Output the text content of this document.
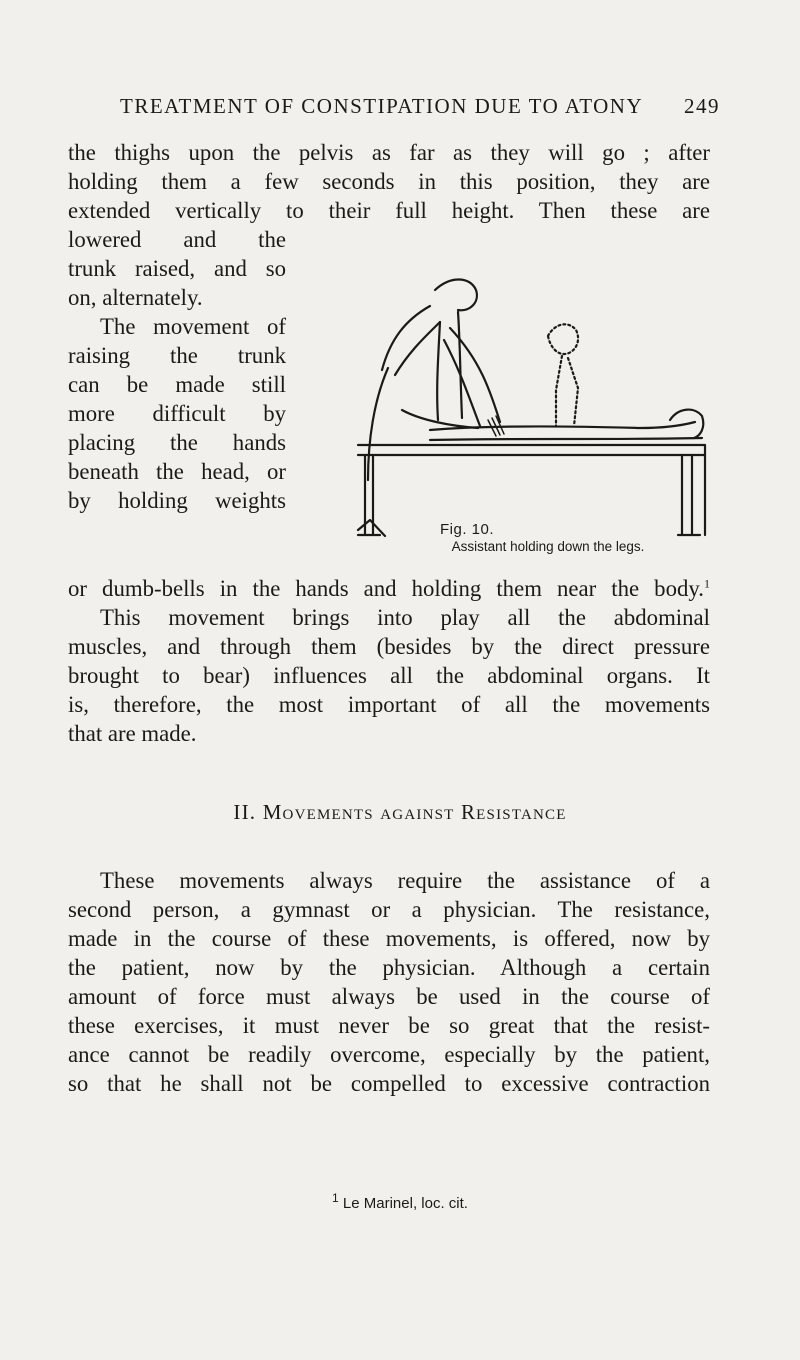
TREATMENT OF CONSTIPATION DUE TO ATONY 249
the thighs upon the pelvis as far as they will go ; after
holding them a few seconds in this position, they are
extended vertically to their full height. Then these are
lowered and the
trunk raised, and so
on, alternately.
The movement of
raising the trunk
can be made still
more difficult by
placing the hands
beneath the head, or
by holding weights
Fig. 10.
Assistant holding down the legs.
or dumb-bells in the hands and holding them near the body.$^1$
This movement brings into play all the abdominal
muscles, and through them (besides by the direct pressure
brought to bear) influences all the abdominal organs. It
is, therefore, the most important of all the movements
that are made.
II. Movements against Resistance
These movements always require the assistance of a
second person, a gymnast or a physician. The resistance,
made in the course of these movements, is offered, now by
the patient, now by the physician. Although a certain
amount of force must always be used in the course of
these exercises, it must never be so great that the resist-
ance cannot be readily overcome, especially by the patient,
so that he shall not be compelled to excessive contraction
$^1$ Le Marinel, loc. cit.
